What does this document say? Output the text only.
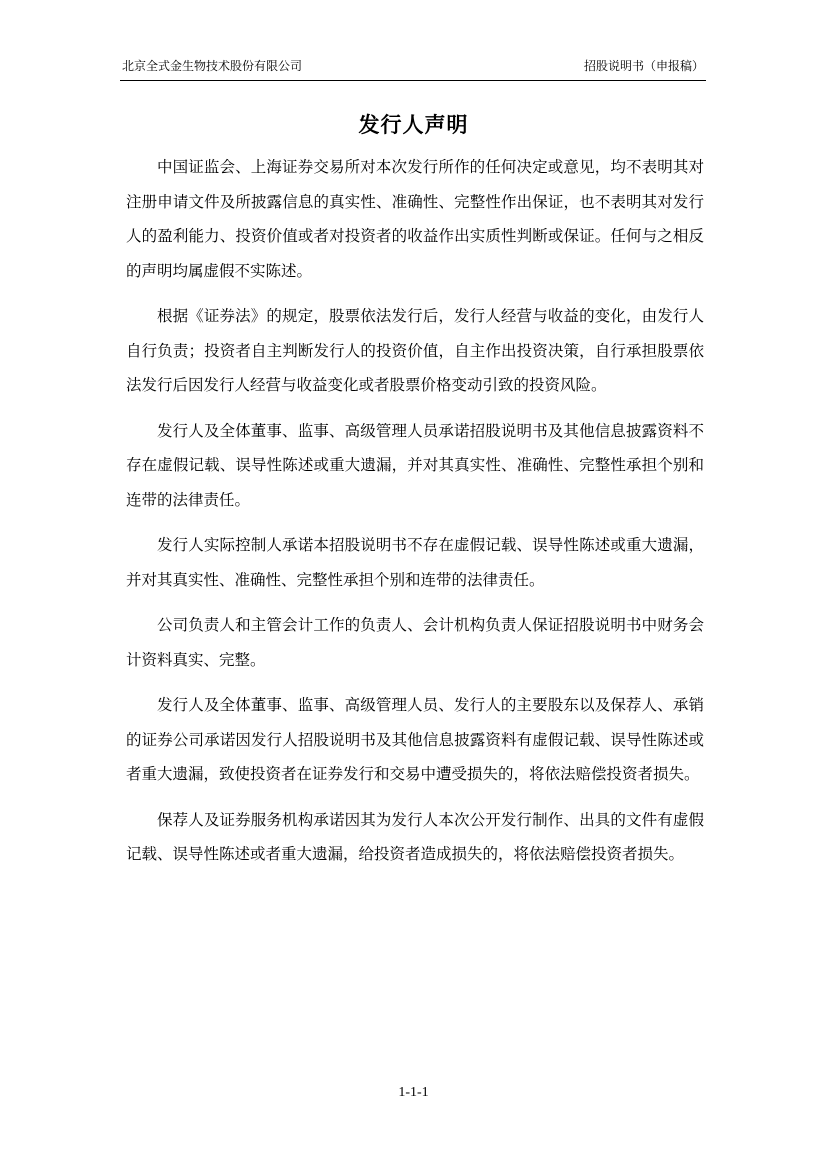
北京全式金生物技术股份有限公司	招股说明书（申报稿）
发行人声明

中国证监会、上海证券交易所对本次发行所作的任何决定或意见，均不表明其对注册申请文件及所披露信息的真实性、准确性、完整性作出保证，也不表明其对发行人的盈利能力、投资价值或者对投资者的收益作出实质性判断或保证。任何与之相反的声明均属虚假不实陈述。

根据《证券法》的规定，股票依法发行后，发行人经营与收益的变化，由发行人自行负责；投资者自主判断发行人的投资价值，自主作出投资决策，自行承担股票依法发行后因发行人经营与收益变化或者股票价格变动引致的投资风险。

发行人及全体董事、监事、高级管理人员承诺招股说明书及其他信息披露资料不存在虚假记载、误导性陈述或重大遗漏，并对其真实性、准确性、完整性承担个别和连带的法律责任。

发行人实际控制人承诺本招股说明书不存在虚假记载、误导性陈述或重大遗漏，并对其真实性、准确性、完整性承担个别和连带的法律责任。

公司负责人和主管会计工作的负责人、会计机构负责人保证招股说明书中财务会计资料真实、完整。

发行人及全体董事、监事、高级管理人员、发行人的主要股东以及保荐人、承销的证券公司承诺因发行人招股说明书及其他信息披露资料有虚假记载、误导性陈述或者重大遗漏，致使投资者在证券发行和交易中遭受损失的，将依法赔偿投资者损失。

保荐人及证券服务机构承诺因其为发行人本次公开发行制作、出具的文件有虚假记载、误导性陈述或者重大遗漏，给投资者造成损失的，将依法赔偿投资者损失。

1-1-1
